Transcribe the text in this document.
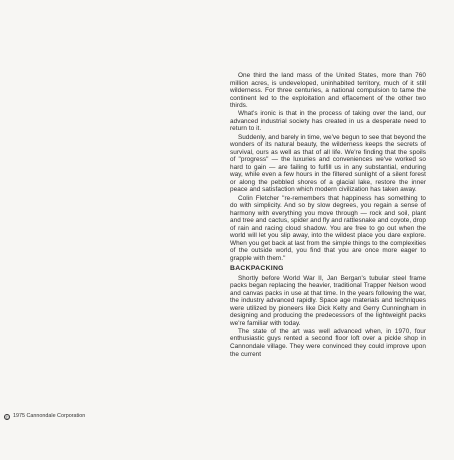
One third the land mass of the United States, more than 760 million acres, is undeveloped, uninhabited territory, much of it still wilderness. For three centuries, a national compulsion to tame the continent led to the exploitation and effacement of the other two thirds.

What's ironic is that in the process of taking over the land, our advanced industrial society has created in us a desperate need to return to it.

Suddenly, and barely in time, we've begun to see that beyond the wonders of its natural beauty, the wilderness keeps the secrets of survival, ours as well as that of all life. We're finding that the spoils of "progress" — the luxuries and conveniences we've worked so hard to gain — are failing to fulfill us in any substantial, enduring way, while even a few hours in the filtered sunlight of a silent forest or along the pebbled shores of a glacial lake, restore the inner peace and satisfaction which modern civilization has taken away.

Colin Fletcher "re-remembers that happiness has something to do with simplicity. And so by slow degrees, you regain a sense of harmony with everything you move through — rock and soil, plant and tree and cactus, spider and fly and rattlesnake and coyote, drop of rain and racing cloud shadow. You are free to go out when the world will let you slip away, into the wildest place you dare explore. When you get back at last from the simple things to the complexities of the outside world, you find that you are once more eager to grapple with them."

BACKPACKING

Shortly before World War II, Jan Bergan's tubular steel frame packs began replacing the heavier, traditional Trapper Nelson wood and canvas packs in use at that time. In the years following the war, the industry advanced rapidly. Space age materials and techniques were utilized by pioneers like Dick Kelty and Gerry Cunningham in designing and producing the predecessors of the lightweight packs we're familiar with today.

The state of the art was well advanced when, in 1970, four enthusiastic guys rented a second floor loft over a pickle shop in Cannondale village. They were convinced they could improve upon the current

© 1975 Cannondale Corporation
